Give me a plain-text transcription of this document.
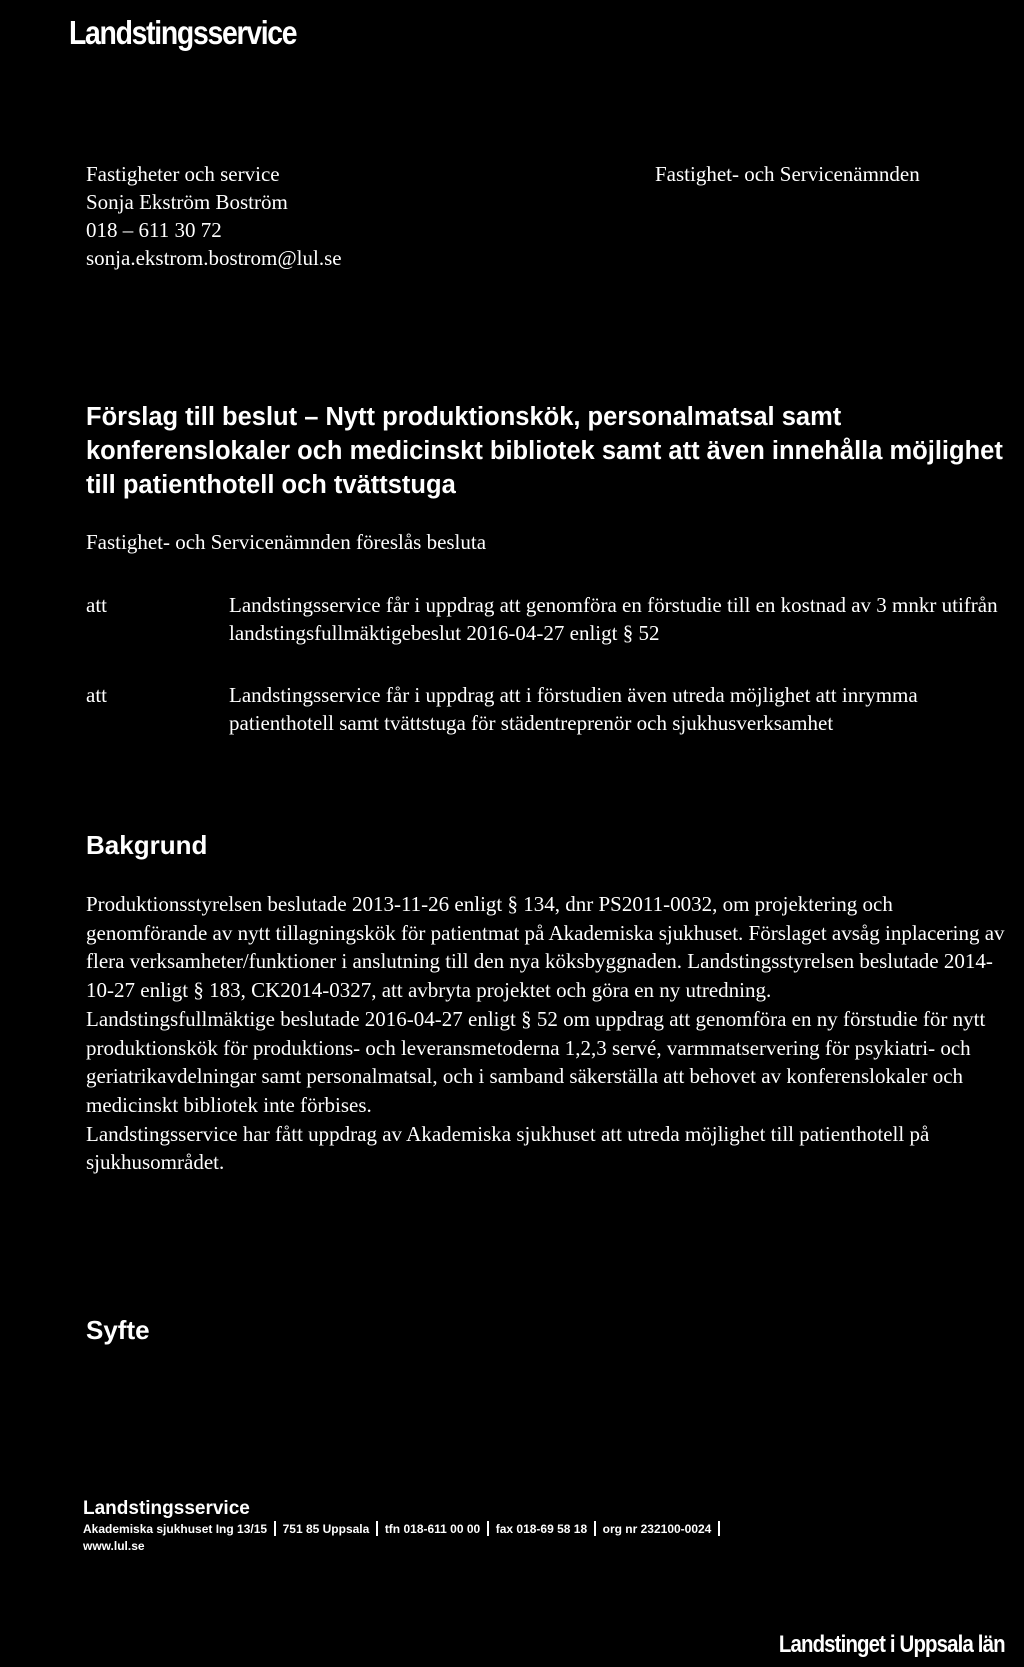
Landstingsservice
Fastigheter och service
Sonja Ekström Boström
018 – 611 30 72
sonja.ekstrom.bostrom@lul.se
Fastighet- och Servicenämnden
Förslag till beslut – Nytt produktionskök, personalmatsal samt konferenslokaler och medicinskt bibliotek samt att även innehålla möjlighet till patienthotell och tvättstuga
Fastighet- och Servicenämnden föreslås besluta
att	Landstingsservice får i uppdrag att genomföra en förstudie till en kostnad av 3 mnkr utifrån landstingsfullmäktigebeslut 2016-04-27 enligt § 52
att	Landstingsservice får i uppdrag att i förstudien även utreda möjlighet att inrymma patienthotell samt tvättstuga för städentreprenör och sjukhusverksamhet
Bakgrund

Produktionsstyrelsen beslutade 2013-11-26 enligt § 134, dnr PS2011-0032, om projektering och genomförande av nytt tillagningskök för patientmat på Akademiska sjukhuset. Förslaget avsåg inplacering av flera verksamheter/funktioner i anslutning till den nya köksbyggnaden. Landstingsstyrelsen beslutade 2014-10-27 enligt § 183, CK2014-0327, att avbryta projektet och göra en ny utredning.

Landstingsfullmäktige beslutade 2016-04-27 enligt § 52 om uppdrag att genomföra en ny förstudie för nytt produktionskök för produktions- och leveransmetoderna 1,2,3 servé, varmmatservering för psykiatri- och geriatrikavdelningar samt personalmatsal, och i samband säkerställa att behovet av konferenslokaler och medicinskt bibliotek inte förbises.

Landstingsservice har fått uppdrag av Akademiska sjukhuset att utreda möjlighet till patienthotell på sjukhusområdet.

Syfte
Landstingsservice
Akademiska sjukhuset Ing 13/15 751 85 Uppsala tfn 018-611 00 00 fax 018-69 58 18 org nr 232100-0024
www.lul.se
Landstinget i Uppsala län
